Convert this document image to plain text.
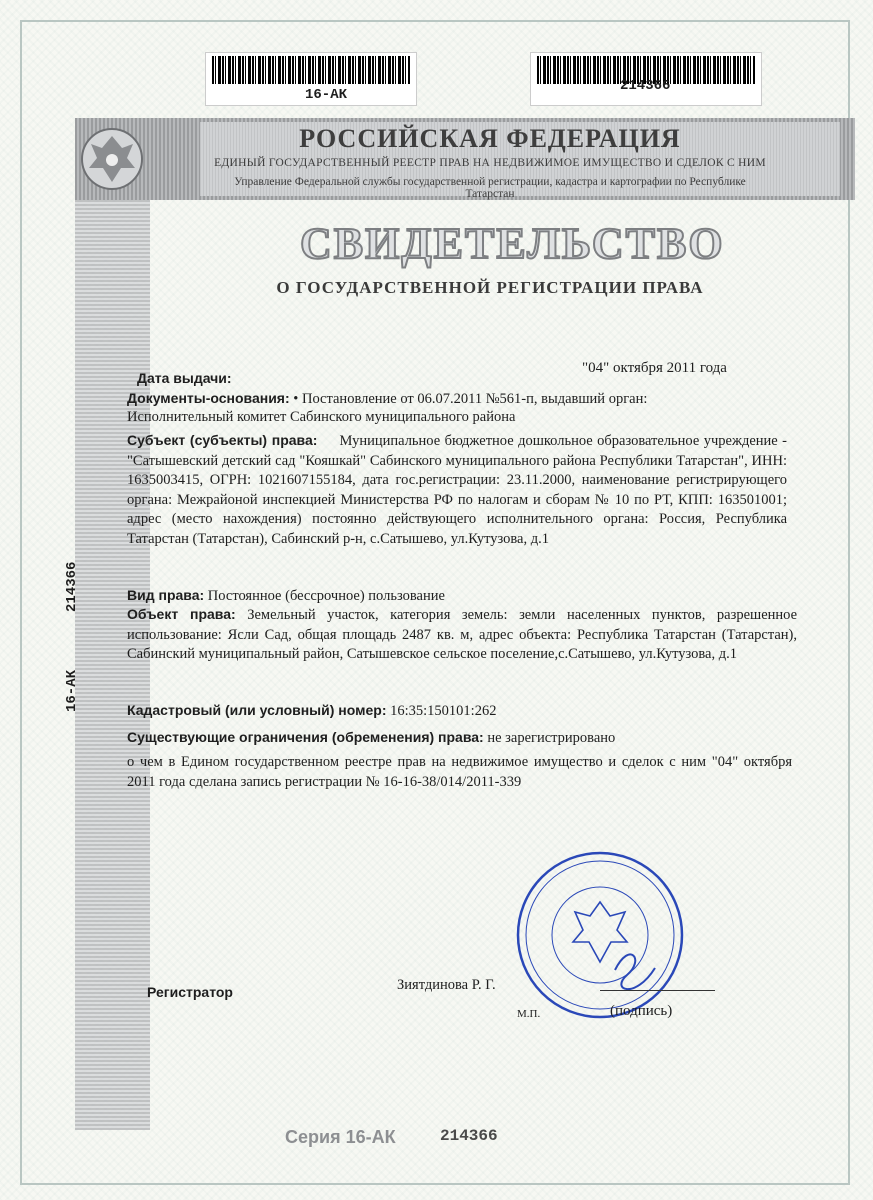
16-АК
214366
РОССИЙСКАЯ ФЕДЕРАЦИЯ
ЕДИНЫЙ ГОСУДАРСТВЕННЫЙ РЕЕСТР ПРАВ НА НЕДВИЖИМОЕ ИМУЩЕСТВО И СДЕЛОК С НИМ
Управление Федеральной службы государственной регистрации, кадастра и картографии по Республике Татарстан
СВИДЕТЕЛЬСТВО
О ГОСУДАРСТВЕННОЙ РЕГИСТРАЦИИ ПРАВА
Дата выдачи:
"04" октября 2011 года
Документы-основания: • Постановление от 06.07.2011 №561-п, выдавший орган:
Исполнительный комитет Сабинского муниципального района
Субъект (субъекты) права: Муниципальное бюджетное дошкольное образовательное учреждение - "Сатышевский детский сад "Кояшкай" Сабинского муниципального района Республики Татарстан", ИНН: 1635003415, ОГРН: 1021607155184, дата гос.регистрации: 23.11.2000, наименование регистрирующего органа: Межрайоной инспекцией Министерства РФ по налогам и сборам № 10 по РТ, КПП: 163501001; адрес (место нахождения) постоянно действующего исполнительного органа: Россия, Республика Татарстан (Татарстан), Сабинский р-н, с.Сатышево, ул.Кутузова, д.1
Вид права: Постоянное (бессрочное) пользование
Объект права: Земельный участок, категория земель: земли населенных пунктов, разрешенное использование: Ясли Сад, общая площадь 2487 кв. м, адрес объекта: Республика Татарстан (Татарстан), Сабинский муниципальный район, Сатышевское сельское поселение,с.Сатышево, ул.Кутузова, д.1
Кадастровый (или условный) номер: 16:35:150101:262
Существующие ограничения (обременения) права: не зарегистрировано
о чем в Едином государственном реестре прав на недвижимое имущество и сделок с ним "04" октября 2011 года сделана запись регистрации № 16-16-38/014/2011-339
16-АК
214366
Регистратор	Зиятдинова Р. Г.
М.П.	(подпись)
Серия 16-АК	214366
